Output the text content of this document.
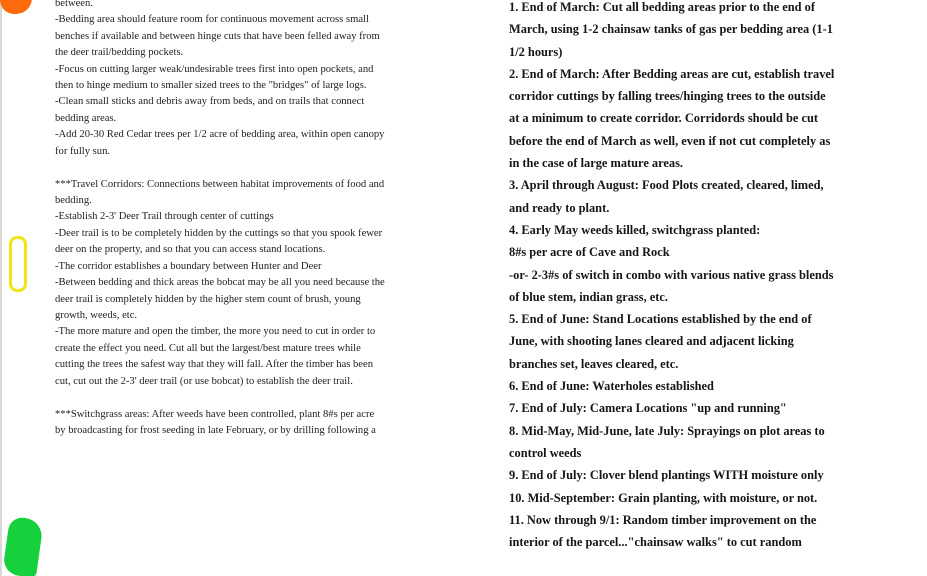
between.
-Bedding area should feature room for continuous movement across small
benches if available and between hinge cuts that have been felled away from
the deer trail/bedding pockets.
-Focus on cutting larger weak/undesirable trees first into open pockets, and
then to hinge medium to smaller sized trees to the "bridges" of large logs.
-Clean small sticks and debris away from beds, and on trails that connect
bedding areas.
-Add 20-30 Red Cedar trees per 1/2 acre of bedding area, within open canopy
for fully sun.
***Travel Corridors: Connections between habitat improvements of food and
bedding.
-Establish 2-3' Deer Trail through center of cuttings
-Deer trail is to be completely hidden by the cuttings so that you spook fewer
deer on the property, and so that you can access stand locations.
-The corridor establishes a boundary between Hunter and Deer
-Between bedding and thick areas the bobcat may be all you need because the
deer trail is completely hidden by the higher stem count of brush, young
growth, weeds, etc.
-The more mature and open the timber, the more you need to cut in order to
create the effect you need. Cut all but the largest/best mature trees while
cutting the trees the safest way that they will fall. After the timber has been
cut, cut out the 2-3' deer trail (or use bobcat) to establish the deer trail.
***Switchgrass areas: After weeds have been controlled, plant 8#s per acre
by broadcasting for frost seeding in late February, or by drilling following a
1. End of March: Cut all bedding areas prior to the end of
March, using 1-2 chainsaw tanks of gas per bedding area (1-1
1/2 hours)
2. End of March: After Bedding areas are cut, establish travel
corridor cuttings by falling trees/hinging trees to the outside
at a minimum to create corridor. Corridords should be cut
before the end of March as well, even if not cut completely as
in the case of large mature areas.
3. April through August: Food Plots created, cleared, limed,
and ready to plant.
4. Early May weeds killed, switchgrass planted:
8#s per acre of Cave and Rock
-or- 2-3#s of switch in combo with various native grass blends
of blue stem, indian grass, etc.
5. End of June: Stand Locations established by the end of
June, with shooting lanes cleared and adjacent licking
branches set, leaves cleared, etc.
6. End of June: Waterholes established
7. End of July: Camera Locations "up and running"
8. Mid-May, Mid-June, late July: Sprayings on plot areas to
control weeds
9. End of July: Clover blend plantings WITH moisture only
10. Mid-September: Grain planting, with moisture, or not.
11. Now through 9/1: Random timber improvement on the
interior of the parcel..."chainsaw walks" to cut random
